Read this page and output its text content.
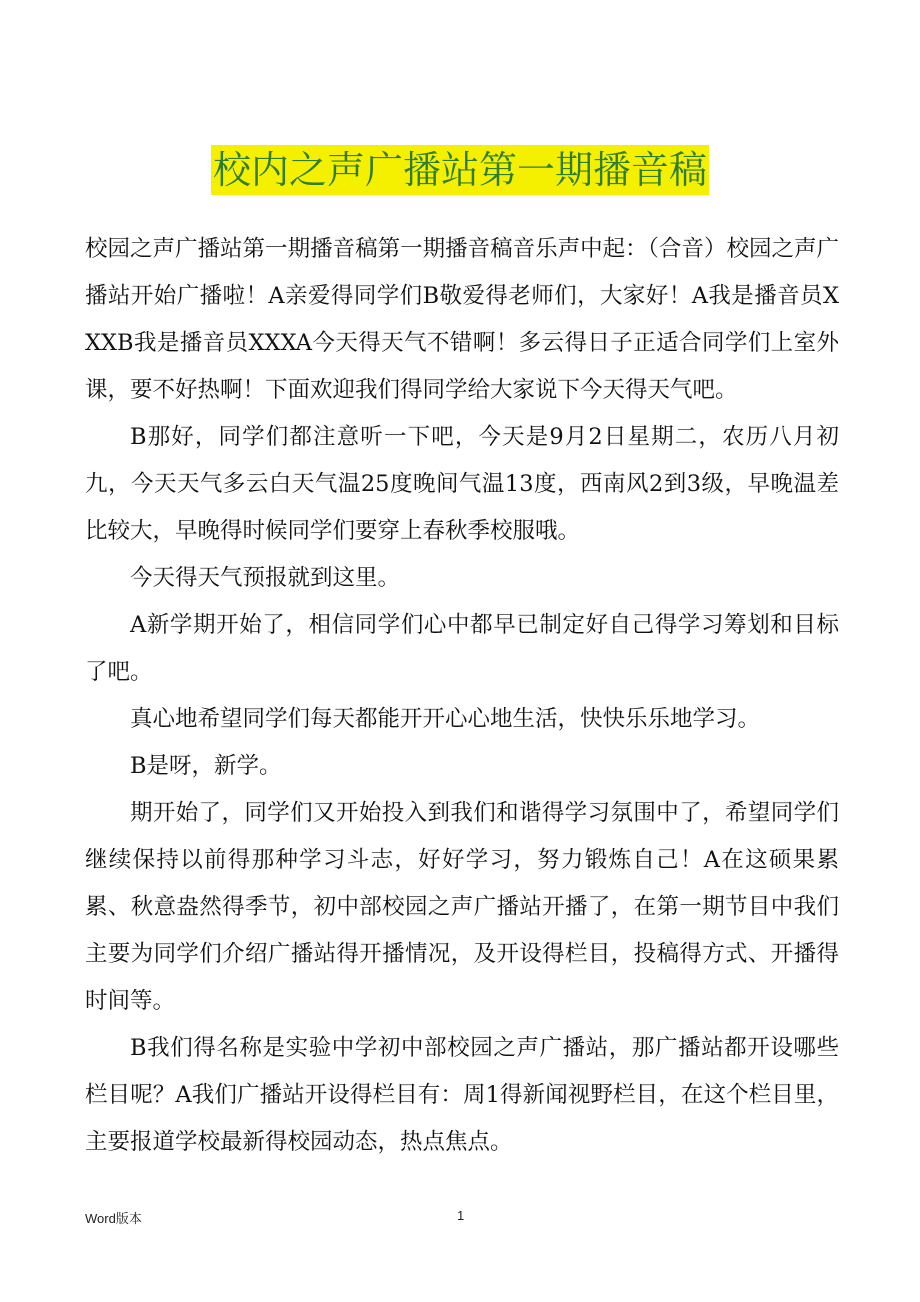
校内之声广播站第一期播音稿

校园之声广播站第一期播音稿第一期播音稿音乐声中起：（合音）校园之声广播站开始广播啦！A亲爱得同学们B敬爱得老师们，大家好！A我是播音员XXXB我是播音员XXXA今天得天气不错啊！多云得日子正适合同学们上室外课，要不好热啊！下面欢迎我们得同学给大家说下今天得天气吧。

B那好，同学们都注意听一下吧，今天是9月2日星期二，农历八月初九，今天天气多云白天气温25度晚间气温13度，西南风2到3级，早晚温差比较大，早晚得时候同学们要穿上春秋季校服哦。

今天得天气预报就到这里。

A新学期开始了，相信同学们心中都早已制定好自己得学习筹划和目标了吧。

真心地希望同学们每天都能开开心心地生活，快快乐乐地学习。

B是呀，新学。

期开始了，同学们又开始投入到我们和谐得学习氛围中了，希望同学们继续保持以前得那种学习斗志，好好学习，努力锻炼自己！A在这硕果累累、秋意盎然得季节，初中部校园之声广播站开播了，在第一期节目中我们主要为同学们介绍广播站得开播情况，及开设得栏目，投稿得方式、开播得时间等。

B我们得名称是实验中学初中部校园之声广播站，那广播站都开设哪些栏目呢？A我们广播站开设得栏目有：周1得新闻视野栏目，在这个栏目里，主要报道学校最新得校园动态，热点焦点。

Word版本	1
